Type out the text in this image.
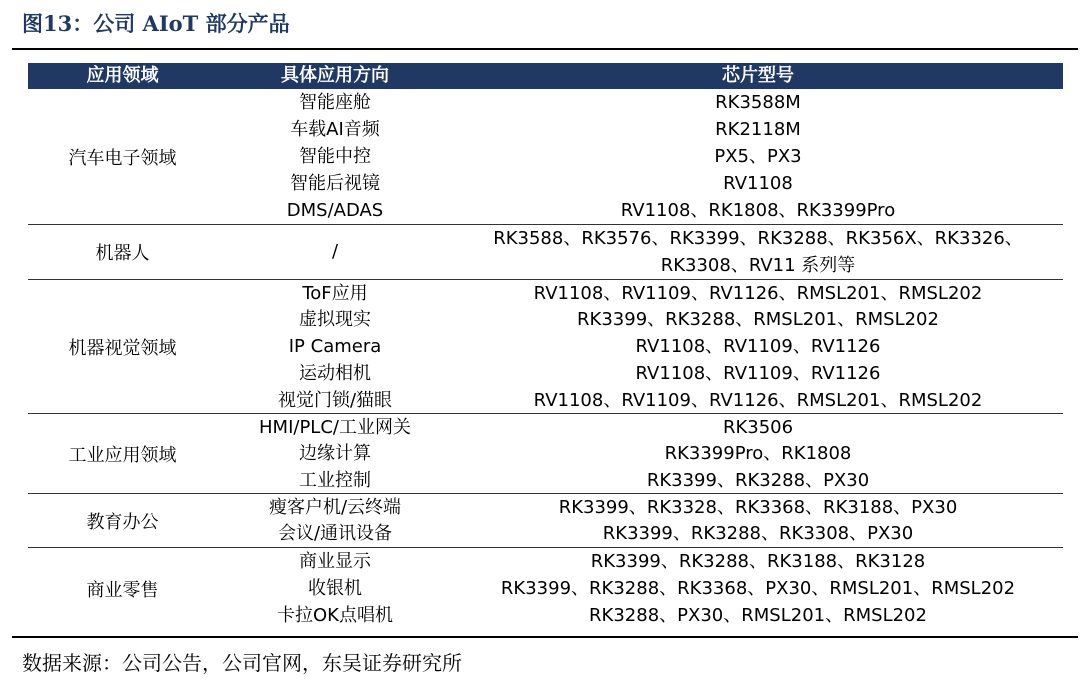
图13：公司 AIoT 部分产品
应用领域	具体应用方向	芯片型号
汽车电子领域
智能座舱	RK3588M
车载AI音频	RK2118M
智能中控	PX5、PX3
智能后视镜	RV1108
DMS/ADAS	RV1108、RK1808、RK3399Pro
机器人	/
RK3588、RK3576、RK3399、RK3288、RK356X、RK3326、
RK3308、RV11 系列等
机器视觉领域
ToF应用	RV1108、RV1109、RV1126、RMSL201、RMSL202
虚拟现实	RK3399、RK3288、RMSL201、RMSL202
IP Camera	RV1108、RV1109、RV1126
运动相机	RV1108、RV1109、RV1126
视觉门锁/猫眼	RV1108、RV1109、RV1126、RMSL201、RMSL202
工业应用领域
HMI/PLC/工业网关	RK3506
边缘计算	RK3399Pro、RK1808
工业控制	RK3399、RK3288、PX30
教育办公
瘦客户机/云终端	RK3399、RK3328、RK3368、RK3188、PX30
会议/通讯设备	RK3399、RK3288、RK3308、PX30
商业零售
商业显示	RK3399、RK3288、RK3188、RK3128
收银机	RK3399、RK3288、RK3368、PX30、RMSL201、RMSL202
卡拉OK点唱机	RK3288、PX30、RMSL201、RMSL202
数据来源：公司公告，公司官网，东吴证券研究所
